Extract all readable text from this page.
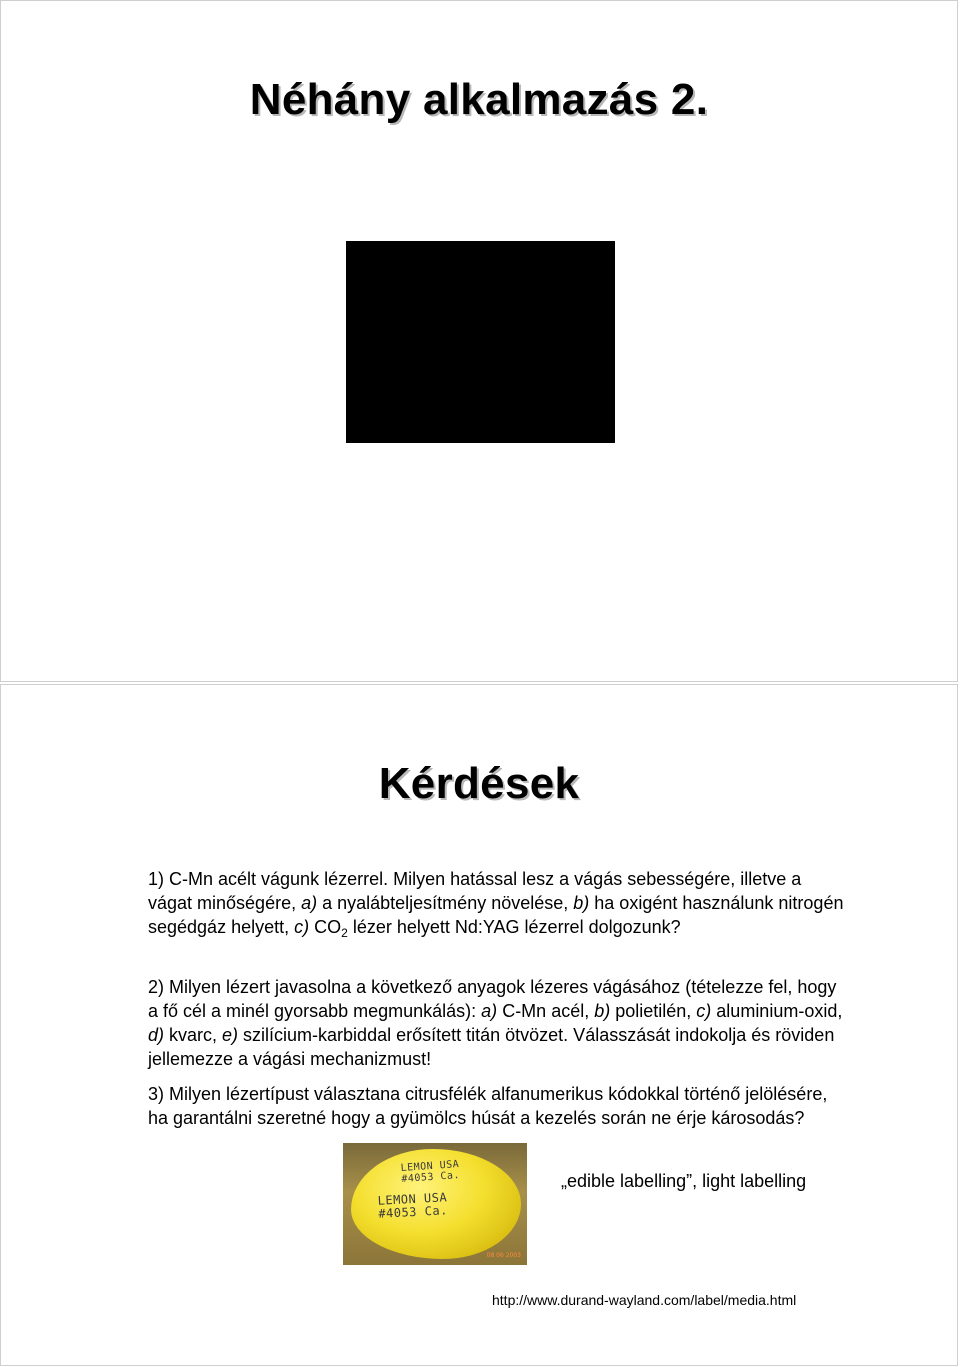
Néhány alkalmazás 2.
Kérdések

1) C-Mn acélt vágunk lézerrel. Milyen hatással lesz a vágás sebességére, illetve a vágat minőségére, a) a nyalábteljesítmény növelése, b) ha oxigént használunk nitrogén segédgáz helyett, c) $CO_2$ lézer helyett Nd:YAG lézerrel dolgozunk?

2) Milyen lézert javasolna a következő anyagok lézeres vágásához (tételezze fel, hogy a fő cél a minél gyorsabb megmunkálás): a) C-Mn acél, b) polietilén, c) aluminium-oxid, d) kvarc, e) szilícium-karbiddal erősített titán ötvözet. Válasszását indokolja és röviden jellemezze a vágási mechanizmust!

3) Milyen lézertípust választana citrusfélék alfanumerikus kódokkal történő jelölésére, ha garantálni szeretné hogy a gyümölcs húsát a kezelés során ne érje károsodás?

LEMON USA
#4053 Ca.
LEMON USA
#4053 Ca.
08 06 2003
„edible labelling”, light labelling
http://www.durand-wayland.com/label/media.html
